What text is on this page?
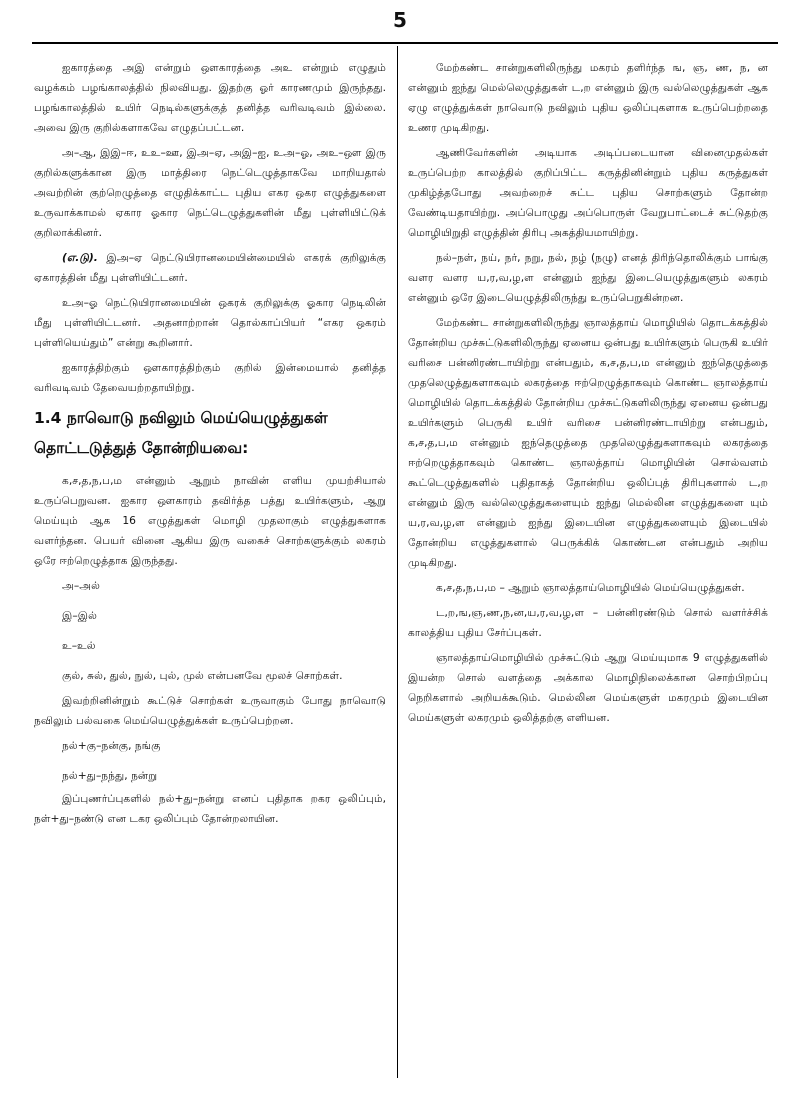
5

ஐகாரத்தை அஇ என்றும் ஔகாரத்தை அஉ என்றும் எழுதும் வழக்கம் பழங்காலத்தில் நிலவியது. இதற்கு ஓர் காரணமும் இருந்தது. பழங்காலத்தில் உயிர் நெடில்களுக்குத் தனித்த வரிவடிவம் இல்லை. அவை இரு குறில்களாகவே எழுதப்பட்டன.

அ–ஆ, இஇ–ஈ, உஉ–ஊ, இஅ–ஏ, அஇ–ஐ, உஅ–ஓ, அஉ–ஔ இரு குறில்களுக்கான இரு மாத்திரை நெட்டெழுத்தாகவே மாறியதால் அவற்றின் குற்றெழுத்தை எழுதிக்காட்ட புதிய எகர ஒகர எழுத்துகளை உருவாக்காமல் ஏகார ஓகார நெட்டெழுத்துகளின் மீது புள்ளியிட்டுக் குறிலாக்கினர்.

(எ.டு). இஅ–ஏ நெட்டுயிரானமையின்மையில் எகரக் குறிலுக்கு ஏகாரத்தின் மீது புள்ளியிட்டனர்.

உஅ–ஓ நெட்டுயிரானமையின் ஒகரக் குறிலுக்கு ஓகார நெடிலின் மீது புள்ளியிட்டனர். அதனாற்றான் தொல்காப்பியர் “எகர ஒகரம் புள்ளியெய்தும்” என்று கூறினார்.

ஐகாரத்திற்கும் ஔகாரத்திற்கும் குறில் இன்மையால் தனித்த வரிவடிவம் தேவையற்றதாயிற்று.

1.4 நாவொடு நவிலும் மெய்யெழுத்துகள் தொட்டடுத்துத் தோன்றியவை:

க,ச,த,ந,ப,ம என்னும் ஆறும் நாவின் எளிய முயற்சியால் உருப்பெறுவன. ஐகார ஔகாரம் தவிர்த்த பத்து உயிர்களும், ஆறு மெய்யும் ஆக 16 எழுத்துகள் மொழி முதலாகும் எழுத்துகளாக வளர்ந்தன. பெயர் வினை ஆகிய இரு வகைச் சொற்களுக்கும் லகரம் ஒரே ஈற்றெழுத்தாக இருந்தது.

அ–அல்

இ–இல்

உ–உல்

குல், சுல், துல், நுல், புல், முல் என்பனவே மூலச் சொற்கள்.

இவற்றினின்றும் கூட்டுச் சொற்கள் உருவாகும் போது நாவொடு நவிலும் பல்வகை மெய்யெழுத்துக்கள் உருப்பெற்றன.

நல்+கு–நன்கு, நங்கு

நல்+து–நந்து, நன்று

இப்புணர்ப்புகளில் நல்+து–நன்று எனப் புதிதாக றகர ஒலிப்பும், நள்+து–நண்டு என டகர ஒலிப்பும் தோன்றலாயின.

மேற்கண்ட சான்றுகளிலிருந்து மகரம் தளிர்ந்த ங, ஞ, ண, ந, ன என்னும் ஐந்து மெல்லெழுத்துகள் ட,ற என்னும் இரு வல்லெழுத்துகள் ஆக ஏழு எழுத்துக்கள் நாவொடு நவிலும் புதிய ஒலிப்புகளாக உருப்பெற்றதை உணர முடிகிறது.

ஆணிவேர்களின் அடியாக அடிப்படையான வினைமுதல்கள் உருப்பெற்ற காலத்தில் குறிப்பிட்ட கருத்தினின்றும் புதிய கருத்துகள் முகிழ்த்தபோது அவற்றைச் சுட்ட புதிய சொற்களும் தோன்ற வேண்டியதாயிற்று. அப்பொழுது அப்பொருள் வேறுபாட்டைச் சுட்டுதற்கு மொழியிறுதி எழுத்தின் திரிபு அகத்தியமாயிற்று.

நல்–நள், நய், நர், நறு, நல், நழ் (நழு) எனத் திரிந்தொலிக்கும் பாங்கு வளர வளர ய,ர,வ,ழ,ள என்னும் ஐந்து இடையெழுத்துகளும் லகரம் என்னும் ஒரே இடையெழுத்திலிருந்து உருப்பெறுகின்றன.

மேற்கண்ட சான்றுகளிலிருந்து ஞாலத்தாய் மொழியில் தொடக்கத்தில் தோன்றிய முச்சுட்டுகளிலிருந்து ஏனைய ஒன்பது உயிர்களும் பெருகி உயிர் வரிசை பன்னிரண்டாயிற்று என்பதும், க,ச,த,ப,ம என்னும் ஐந்தெழுத்தை முதலெழுத்துகளாகவும் லகரத்தை ஈற்றெழுத்தாகவும் கொண்ட ஞாலத்தாய் மொழியில் தொடக்கத்தில் தோன்றிய முச்சுட்டுகளிலிருந்து ஏனைய ஒன்பது உயிர்களும் பெருகி உயிர் வரிசை பன்னிரண்டாயிற்று என்பதும், க,ச,த,ப,ம என்னும் ஐந்தெழுத்தை முதலெழுத்துகளாகவும் லகரத்தை ஈற்றெழுத்தாகவும் கொண்ட ஞாலத்தாய் மொழியின் சொல்வளம் கூட்டெழுத்துகளில் புதிதாகத் தோன்றிய ஒலிப்புத் திரிபுகளால் ட,ற என்னும் இரு வல்லெழுத்துகளையும் ஐந்து மெல்லின எழுத்துகளை யும் ய,ர,வ,ழ,ள என்னும் ஐந்து இடையின எழுத்துகளையும் இடையில் தோன்றிய எழுத்துகளால் பெருக்கிக் கொண்டன என்பதும் அறிய முடிகிறது.

க,ச,த,ந,ப,ம – ஆறும் ஞாலத்தாய்மொழியில் மெய்யெழுத்துகள்.

ட,ற,ங,ஞ,ண,ந,ன,ய,ர,வ,ழ,ள – பன்னிரண்டும் சொல் வளர்ச்சிக் காலத்திய புதிய சேர்ப்புகள்.

ஞாலத்தாய்மொழியில் முச்சுட்டும் ஆறு மெய்யுமாக 9 எழுத்துகளில் இயன்ற சொல் வளத்தை அக்கால மொழிநிலைக்கான சொற்பிறப்பு நெறிகளால் அறியக்கூடும். மெல்லின மெய்களுள் மகரமும் இடையின மெய்களுள் லகரமும் ஒலித்தற்கு எளியன.
